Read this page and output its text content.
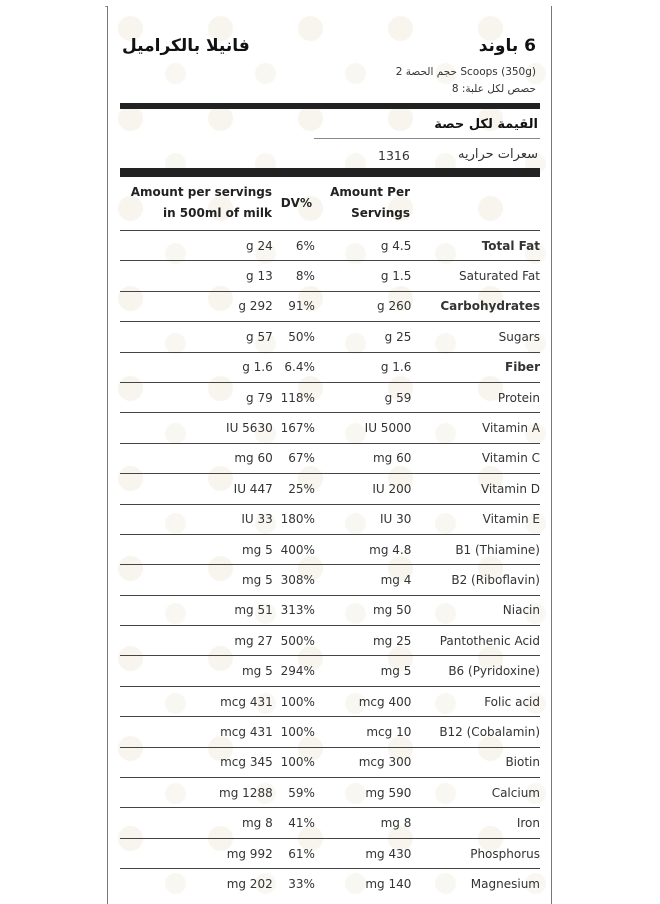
6 باوند
فانيلا بالكراميل
حجم الحصة 2 Scoops (350g)
حصص لكل علبة: 8
القيمة لكل حصة
سعرات حراريه
1316
Amount per servings in 500ml of milk
DV%
Amount Per Servings
g 24	6%	g 4.5	Total Fat
g 13	8%	g 1.5	Saturated Fat
g 292	91%	g 260	Carbohydrates
g 57	50%	g 25	Sugars
g 1.6	6.4%	g 1.6	Fiber
g 79	118%	g 59	Protein
IU 5630	167%	IU 5000	Vitamin A
mg 60	67%	mg 60	Vitamin C
IU 447	25%	IU 200	Vitamin D
IU 33	180%	IU 30	Vitamin E
mg 5	400%	mg 4.8	B1 (Thiamine)
mg 5	308%	mg 4	B2 (Riboflavin)
mg 51	313%	mg 50	Niacin
mg 27	500%	mg 25	Pantothenic Acid
mg 5	294%	mg 5	B6 (Pyridoxine)
mcg 431	100%	mcg 400	Folic acid
mcg 431	100%	mcg 10	B12 (Cobalamin)
mcg 345	100%	mcg 300	Biotin
mg 1288	59%	mg 590	Calcium
mg 8	41%	mg 8	Iron
mg 992	61%	mg 430	Phosphorus
mg 202	33%	mg 140	Magnesium
